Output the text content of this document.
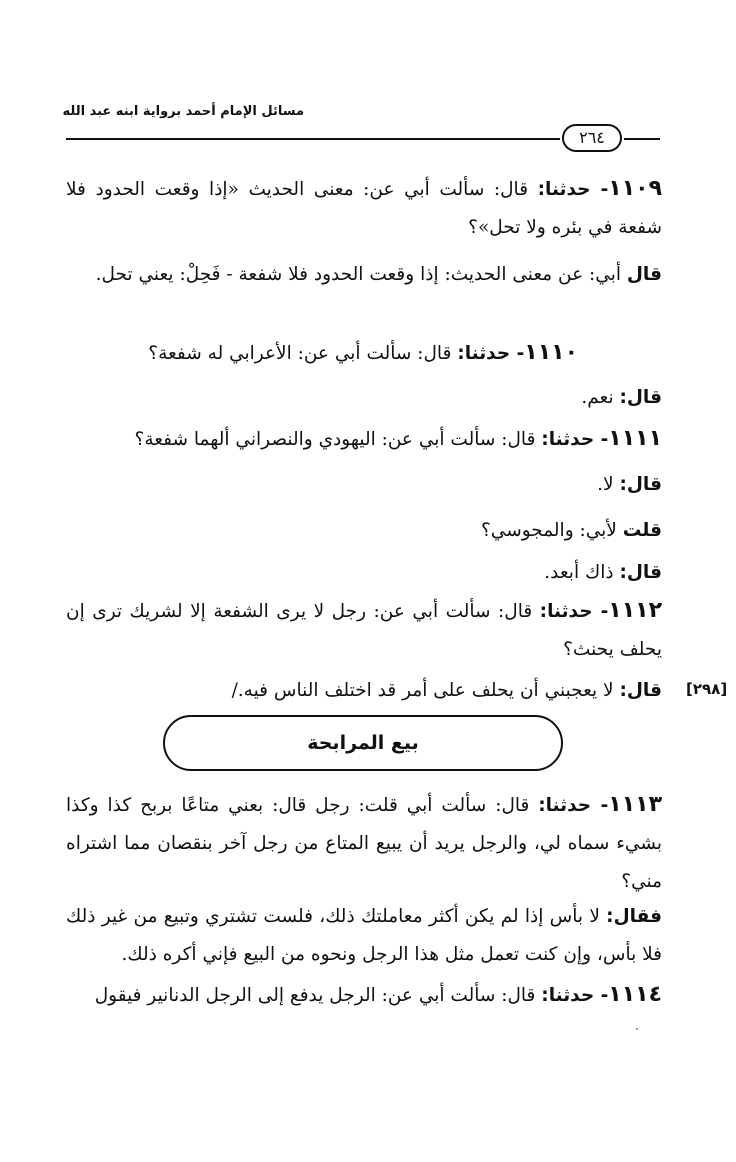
مسائل الإمام أحمد برواية ابنه عبد الله
٢٦٤
١١٠٩- حدثنا: قال: سألت أبي عن: معنى الحديث «إذا وقعت الحدود فلا شفعة في بئره ولا تحل»؟
قال أبي: عن معنى الحديث: إذا وقعت الحدود فلا شفعة - فَحِلْ: يعني تحل.
١١١٠- حدثنا: قال: سألت أبي عن: الأعرابي له شفعة؟
قال: نعم.
١١١١- حدثنا: قال: سألت أبي عن: اليهودي والنصراني ألهما شفعة؟
قال: لا.
قلت لأبي: والمجوسي؟
قال: ذاك أبعد.
١١١٢- حدثنا: قال: سألت أبي عن: رجل لا يرى الشفعة إلا لشريك ترى إن يحلف يحنث؟
[٢٩٨]
قال: لا يعجبني أن يحلف على أمر قد اختلف الناس فيه./
بيع المرابحة
١١١٣- حدثنا: قال: سألت أبي قلت: رجل قال: بعني متاعًا بربح كذا وكذا بشيء سماه لي، والرجل يريد أن يبيع المتاع من رجل آخر بنقصان مما اشتراه مني؟
فقال: لا بأس إذا لم يكن أكثر معاملتك ذلك، فلست تشتري وتبيع من غير ذلك فلا بأس، وإن كنت تعمل مثل هذا الرجل ونحوه من البيع فإني أكره ذلك.
١١١٤- حدثنا: قال: سألت أبي عن: الرجل يدفع إلى الرجل الدنانير فيقول
